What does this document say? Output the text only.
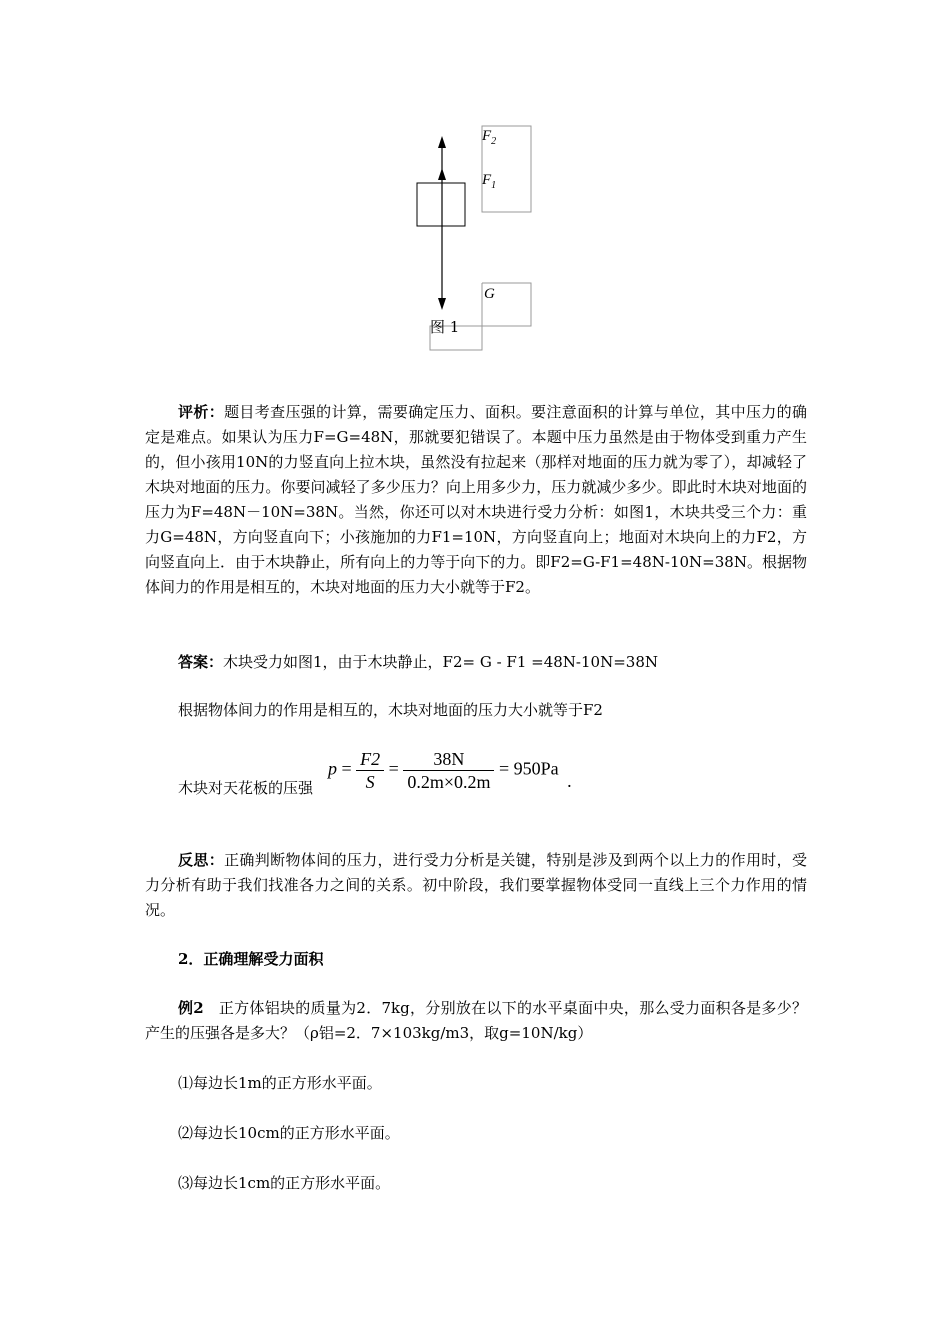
$F_2$
$F_1$
G
图 1
评析：题目考查压强的计算，需要确定压力、面积。要注意面积的计算与单位，其中压力的确定是难点。如果认为压力F=G=48N，那就要犯错误了。本题中压力虽然是由于物体受到重力产生的，但小孩用10N的力竖直向上拉木块，虽然没有拉起来（那样对地面的压力就为零了），却减轻了木块对地面的压力。你要问减轻了多少压力？向上用多少力，压力就减少多少。即此时木块对地面的压力为F=48N－10N=38N。当然，你还可以对木块进行受力分析：如图1，木块共受三个力：重力G=48N，方向竖直向下；小孩施加的力F1=10N，方向竖直向上；地面对木块向上的力F2，方向竖直向上．由于木块静止，所有向上的力等于向下的力。即F2=G-F1=48N-10N=38N。根据物体间力的作用是相互的，木块对地面的压力大小就等于F2。
答案：木块受力如图1，由于木块静止，F2= G - F1 =48N-10N=38N
根据物体间力的作用是相互的，木块对地面的压力大小就等于F2
木块对天花板的压强
$p = \frac{F2}{S} = \frac{38N}{0.2m\times 0.2m} = 950Pa$ .
反思：正确判断物体间的压力，进行受力分析是关键，特别是涉及到两个以上力的作用时，受力分析有助于我们找准各力之间的关系。初中阶段，我们要掌握物体受同一直线上三个力作用的情况。
2．正确理解受力面积
例2 正方体铝块的质量为2．7kg，分别放在以下的水平桌面中央，那么受力面积各是多少？产生的压强各是多大？（ρ铝=2．7×103kg/m3，取g=10N/kg）
⑴每边长1m的正方形水平面。
⑵每边长10cm的正方形水平面。
⑶每边长1cm的正方形水平面。
